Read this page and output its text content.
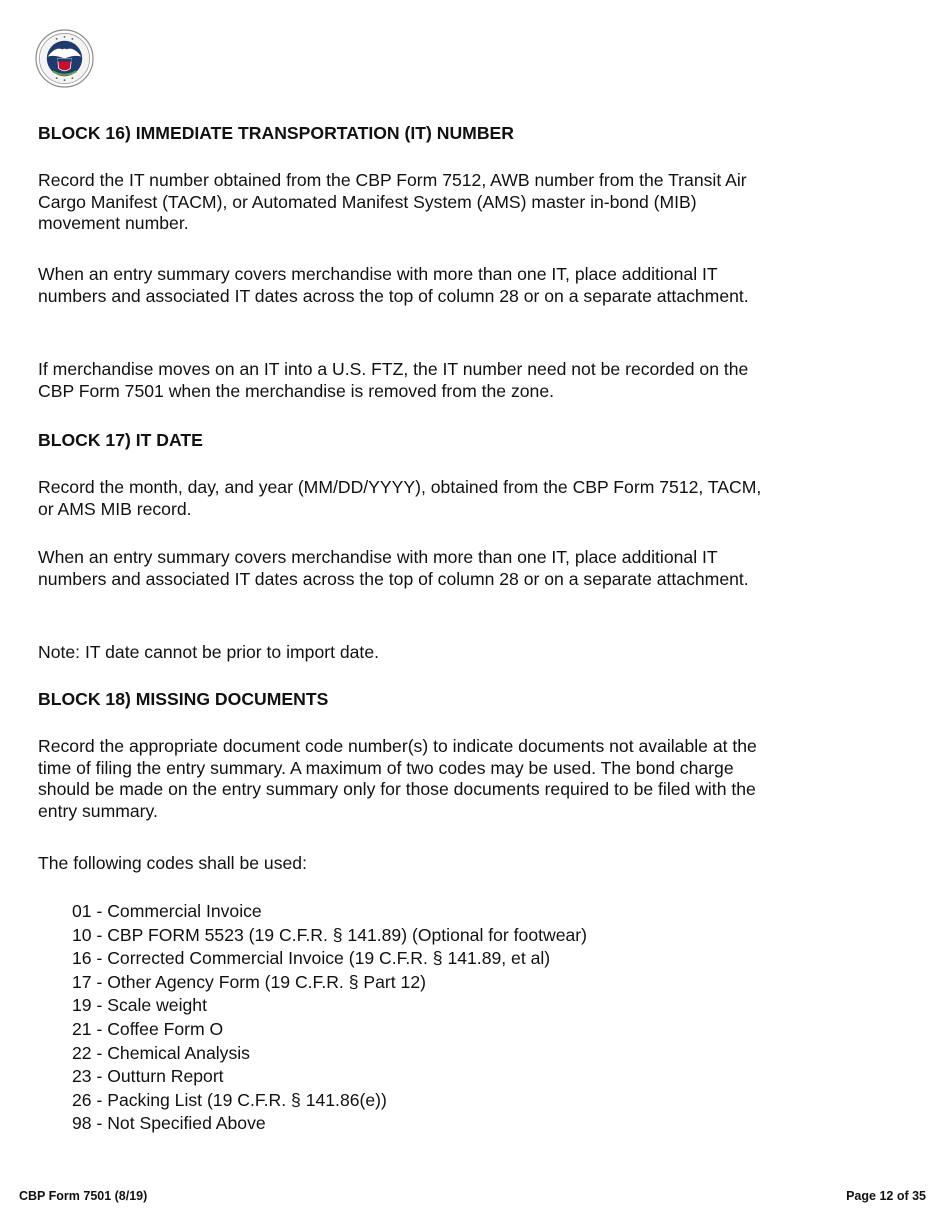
BLOCK 16) IMMEDIATE TRANSPORTATION (IT) NUMBER

Record the IT number obtained from the CBP Form 7512, AWB number from the Transit Air Cargo Manifest (TACM), or Automated Manifest System (AMS) master in-bond (MIB) movement number.

When an entry summary covers merchandise with more than one IT, place additional IT numbers and associated IT dates across the top of column 28 or on a separate attachment.

If merchandise moves on an IT into a U.S. FTZ, the IT number need not be recorded on the CBP Form 7501 when the merchandise is removed from the zone.

BLOCK 17) IT DATE

Record the month, day, and year (MM/DD/YYYY), obtained from the CBP Form 7512, TACM, or AMS MIB record.

When an entry summary covers merchandise with more than one IT, place additional IT numbers and associated IT dates across the top of column 28 or on a separate attachment.

Note: IT date cannot be prior to import date.

BLOCK 18) MISSING DOCUMENTS

Record the appropriate document code number(s) to indicate documents not available at the time of filing the entry summary. A maximum of two codes may be used. The bond charge should be made on the entry summary only for those documents required to be filed with the entry summary.

The following codes shall be used:

01 - Commercial Invoice
10 - CBP FORM 5523 (19 C.F.R. § 141.89) (Optional for footwear)
16 - Corrected Commercial Invoice (19 C.F.R. § 141.89, et al)
17 - Other Agency Form (19 C.F.R. § Part 12)
19 - Scale weight
21 - Coffee Form O
22 - Chemical Analysis
23 - Outturn Report
26 - Packing List (19 C.F.R. § 141.86(e))
98 - Not Specified Above
CBP Form 7501 (8/19)	Page 12 of 35
